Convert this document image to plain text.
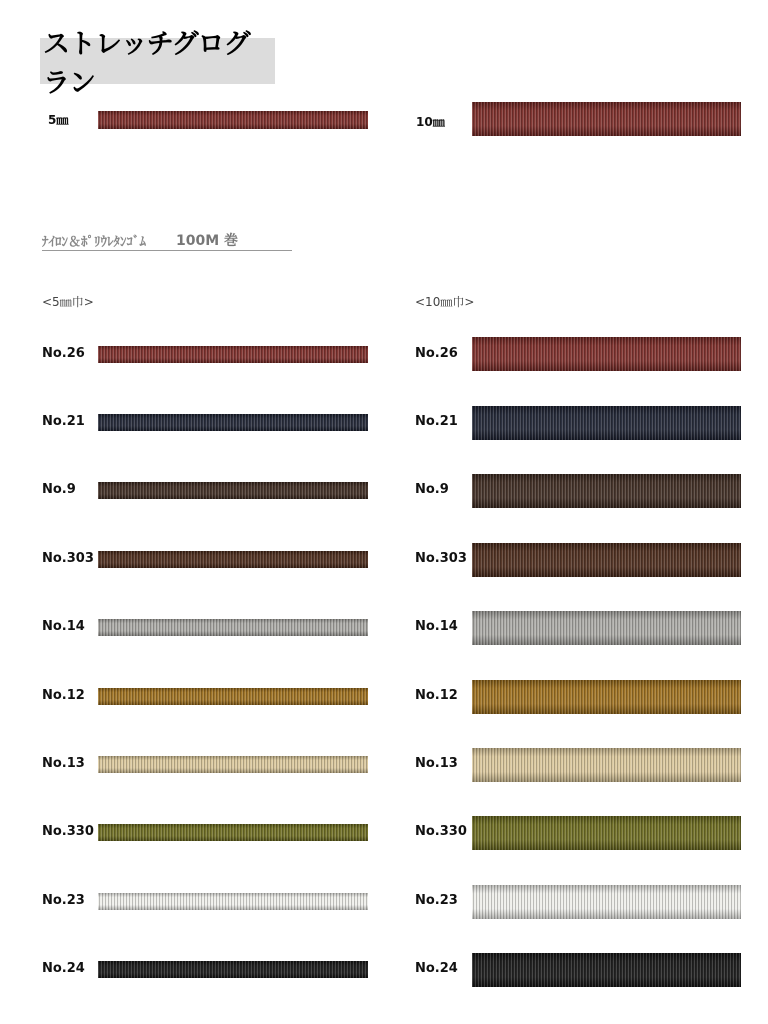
ストレッチグログラン
5㎜	10㎜
ﾅｲﾛﾝ＆ﾎﾟﾘｳﾚﾀﾝｺﾞﾑ 100M 巻
<5㎜巾>	<10㎜巾>
No.26
No.21
No.9
No.303
No.14
No.12
No.13
No.330
No.23
No.24
No.26
No.21
No.9
No.303
No.14
No.12
No.13
No.330
No.23
No.24
